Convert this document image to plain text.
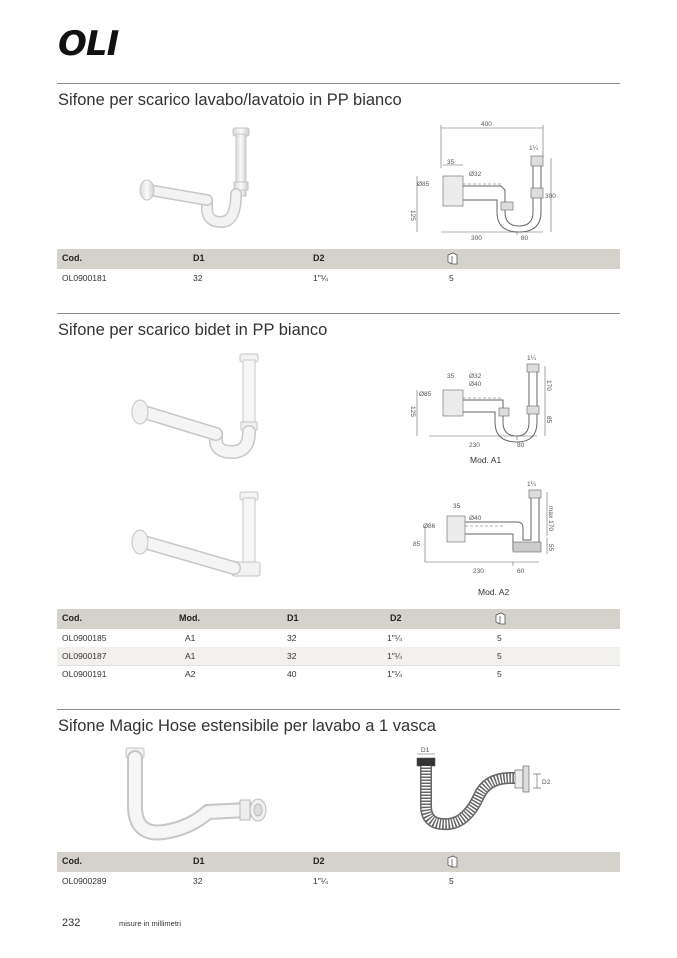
OLI
Sifone per scarico lavabo/lavatoio in PP bianco
400
1¼
35
Ø32
Ø85
125
300
300	80
Cod.	D1	D2
OL0900181	32	1"¼	5
Sifone per scarico bidet in PP bianco
1¼
35 Ø32
Ø40
Ø85
125
170
85
230	80
Mod. A1
1¼
35
Ø40
Ø86
85
max 170
55
230	60
Mod. A2
Cod.	Mod.	D1	D2
OL0900185	A1	32	1"¼	5
OL0900187	A1	32	1"¼	5
OL0900191	A2	40	1"¼	5
Sifone Magic Hose estensibile per lavabo a 1 vasca
D1
D2
Cod.	D1	D2
OL0900289	32	1"¼	5
232	misure in millimetri
